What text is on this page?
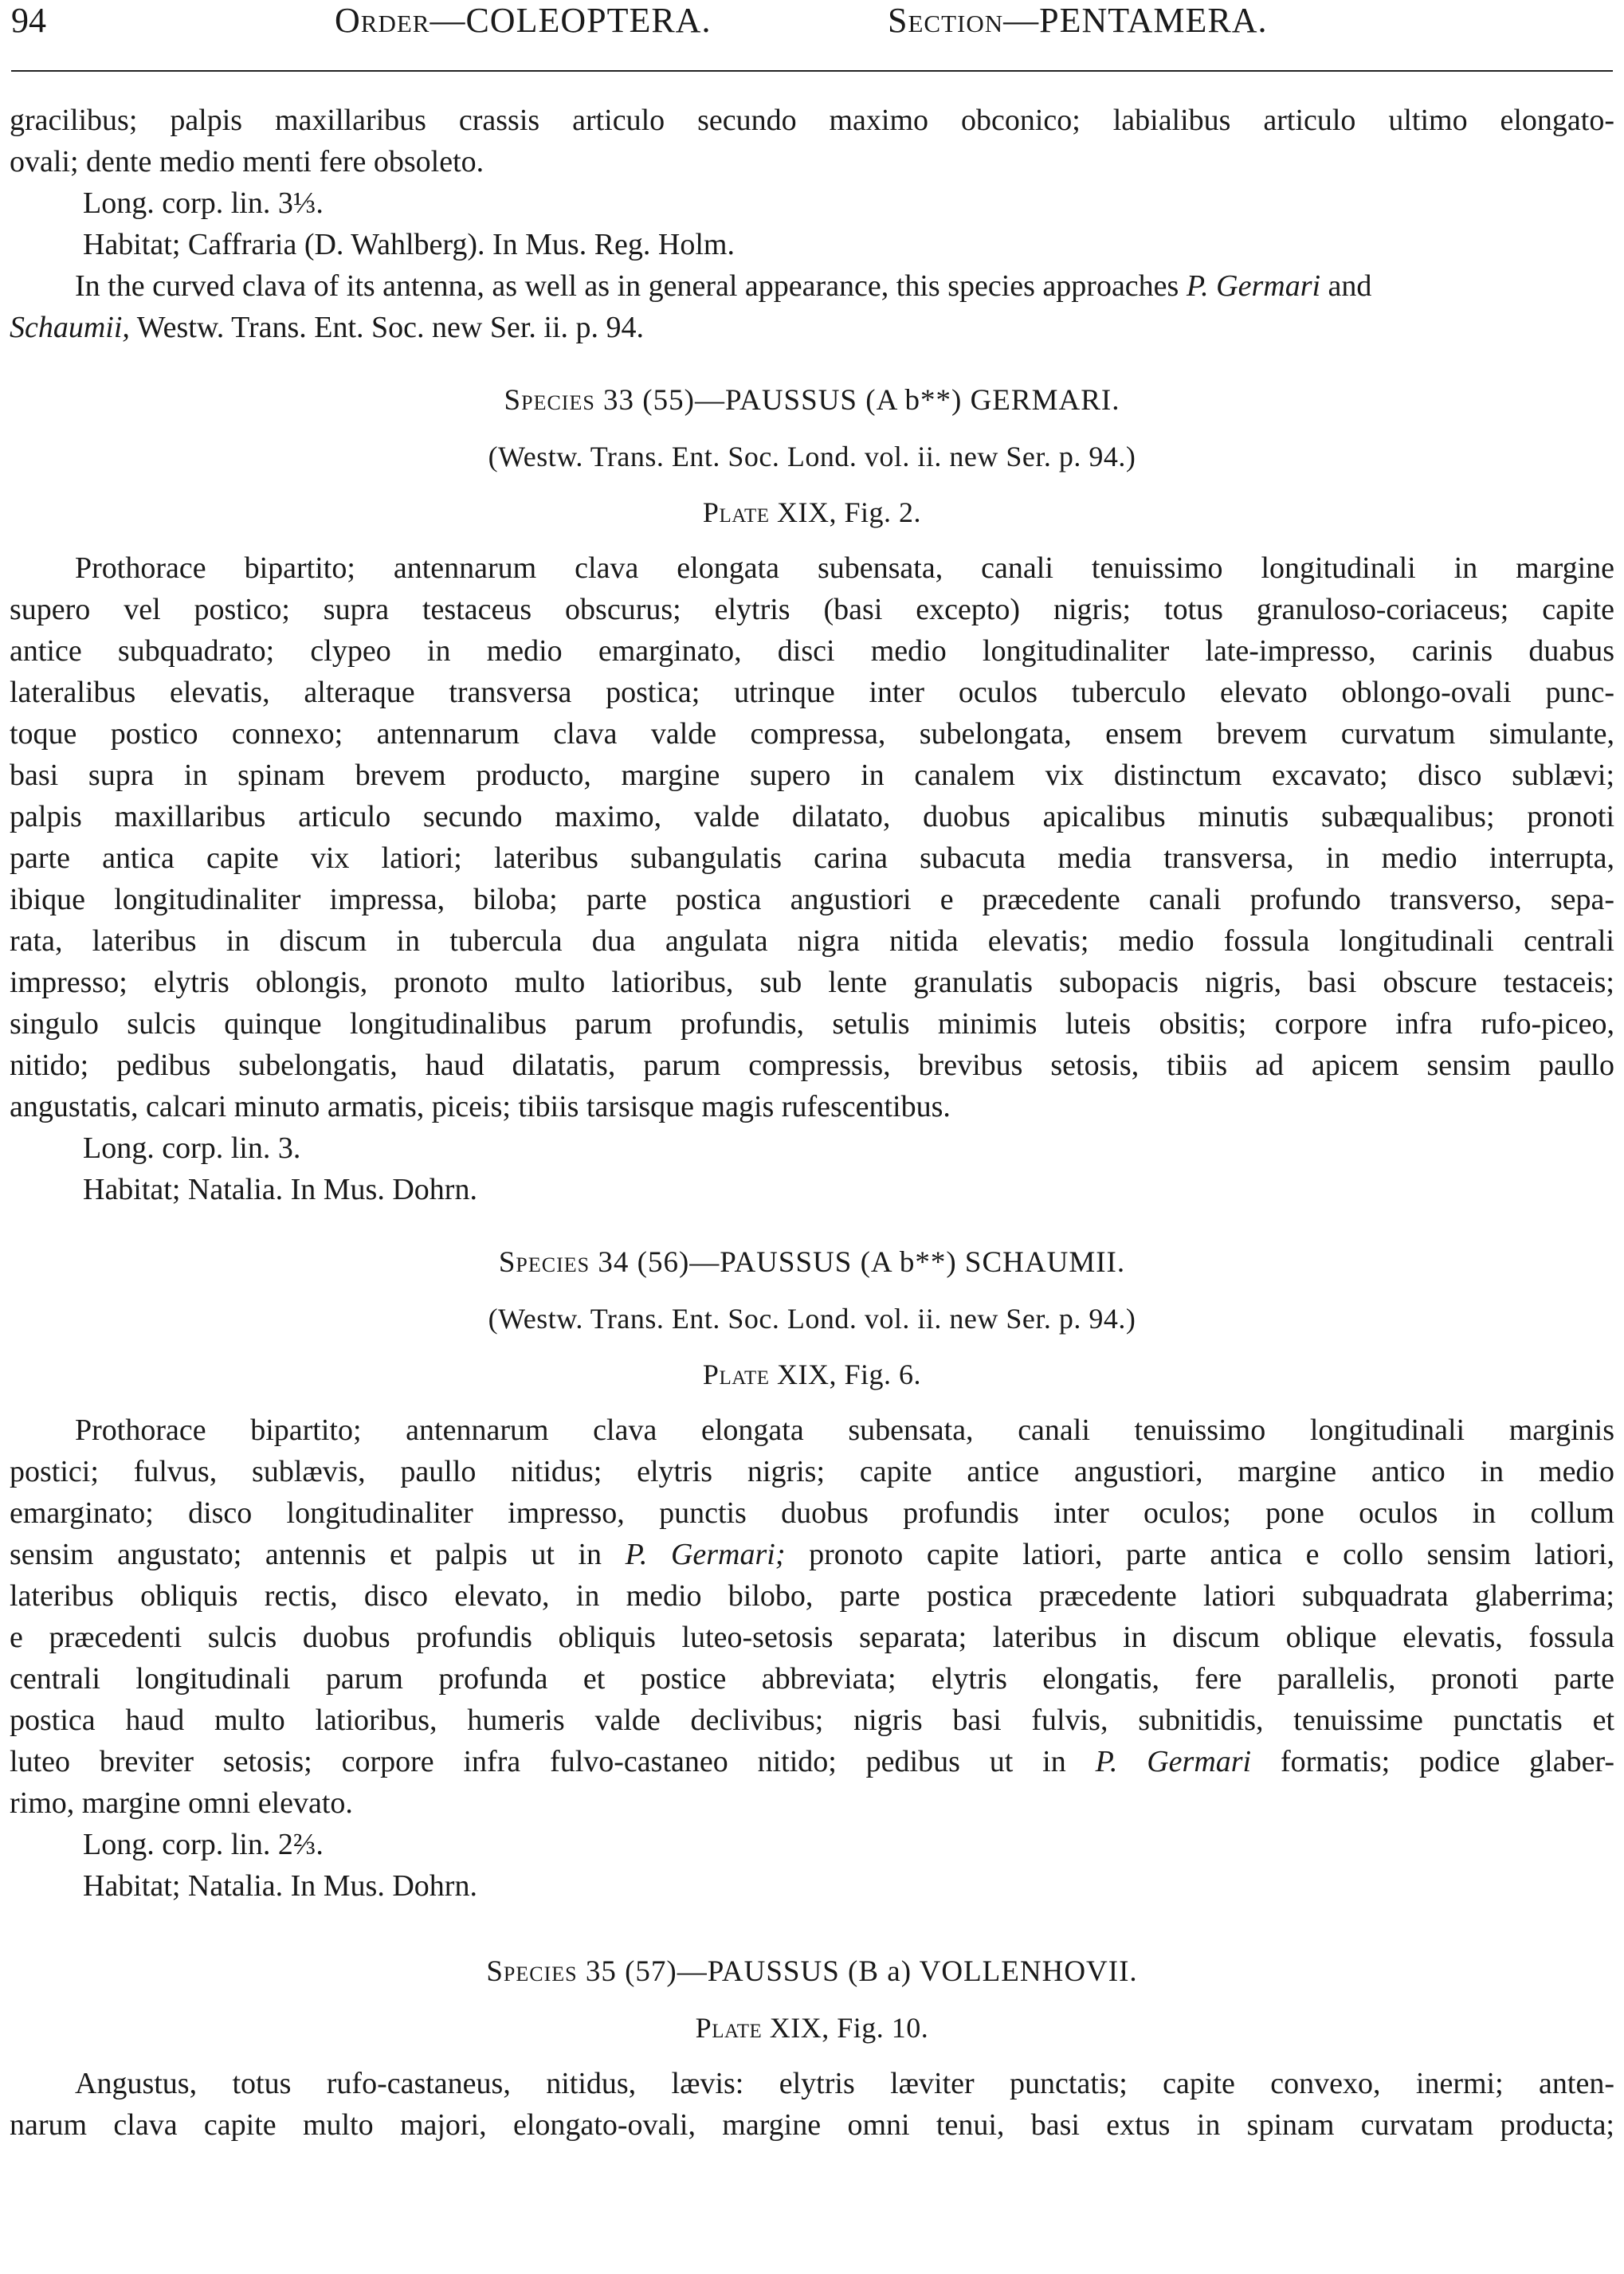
94	Order—COLEOPTERA.	Section—PENTAMERA.

gracilibus; palpis maxillaribus crassis articulo secundo maximo obconico; labialibus articulo ultimo elongato-

ovali; dente medio menti fere obsoleto.

Long. corp. lin. 3⅓.

Habitat; Caffraria (D. Wahlberg). In Mus. Reg. Holm.

In the curved clava of its antenna, as well as in general appearance, this species approaches P. Germari and
Schaumii, Westw. Trans. Ent. Soc. new Ser. ii. p. 94.

Species 33 (55)—PAUSSUS (A b**) GERMARI.

(Westw. Trans. Ent. Soc. Lond. vol. ii. new Ser. p. 94.)

Plate XIX, Fig. 2.

Prothorace bipartito; antennarum clava elongata subensata, canali tenuissimo longitudinali in margine

supero vel postico; supra testaceus obscurus; elytris (basi excepto) nigris; totus granuloso-coriaceus; capite

antice subquadrato; clypeo in medio emarginato, disci medio longitudinaliter late-impresso, carinis duabus

lateralibus elevatis, alteraque transversa postica; utrinque inter oculos tuberculo elevato oblongo-ovali punc-

toque postico connexo; antennarum clava valde compressa, subelongata, ensem brevem curvatum simulante,

basi supra in spinam brevem producto, margine supero in canalem vix distinctum excavato; disco sublævi;

palpis maxillaribus articulo secundo maximo, valde dilatato, duobus apicalibus minutis subæqualibus; pronoti

parte antica capite vix latiori; lateribus subangulatis carina subacuta media transversa, in medio interrupta,

ibique longitudinaliter impressa, biloba; parte postica angustiori e præcedente canali profundo transverso, sepa-

rata, lateribus in discum in tubercula dua angulata nigra nitida elevatis; medio fossula longitudinali centrali

impresso; elytris oblongis, pronoto multo latioribus, sub lente granulatis subopacis nigris, basi obscure testaceis;

singulo sulcis quinque longitudinalibus parum profundis, setulis minimis luteis obsitis; corpore infra rufo-piceo,

nitido; pedibus subelongatis, haud dilatatis, parum compressis, brevibus setosis, tibiis ad apicem sensim paullo

angustatis, calcari minuto armatis, piceis; tibiis tarsisque magis rufescentibus.

Long. corp. lin. 3.

Habitat; Natalia. In Mus. Dohrn.

Species 34 (56)—PAUSSUS (A b**) SCHAUMII.

(Westw. Trans. Ent. Soc. Lond. vol. ii. new Ser. p. 94.)

Plate XIX, Fig. 6.

Prothorace bipartito; antennarum clava elongata subensata, canali tenuissimo longitudinali marginis

postici; fulvus, sublævis, paullo nitidus; elytris nigris; capite antice angustiori, margine antico in medio

emarginato; disco longitudinaliter impresso, punctis duobus profundis inter oculos; pone oculos in collum

sensim angustato; antennis et palpis ut in P. Germari; pronoto capite latiori, parte antica e collo sensim latiori,

lateribus obliquis rectis, disco elevato, in medio bilobo, parte postica præcedente latiori subquadrata glaberrima;

e præcedenti sulcis duobus profundis obliquis luteo-setosis separata; lateribus in discum oblique elevatis, fossula

centrali longitudinali parum profunda et postice abbreviata; elytris elongatis, fere parallelis, pronoti parte

postica haud multo latioribus, humeris valde declivibus; nigris basi fulvis, subnitidis, tenuissime punctatis et

luteo breviter setosis; corpore infra fulvo-castaneo nitido; pedibus ut in P. Germari formatis; podice glaber-

rimo, margine omni elevato.

Long. corp. lin. 2⅔.

Habitat; Natalia. In Mus. Dohrn.

Species 35 (57)—PAUSSUS (B a) VOLLENHOVII.

Plate XIX, Fig. 10.

Angustus, totus rufo-castaneus, nitidus, lævis: elytris læviter punctatis; capite convexo, inermi; anten-

narum clava capite multo majori, elongato-ovali, margine omni tenui, basi extus in spinam curvatam producta;
